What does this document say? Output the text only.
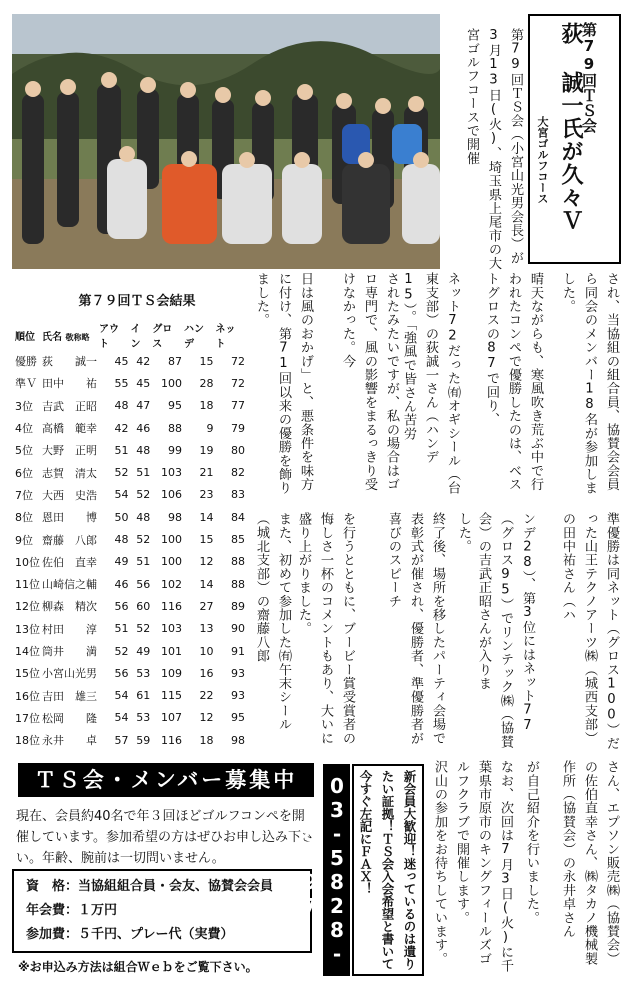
第79回ＴＳ会
荻 誠一氏が久々Ｖ
大宮ゴルフコース
第79回ＴＳ会（小宮山光男会長）が3月13日(火)、埼玉県上尾市の大宮ゴルフコースで開催
され、当協組の組合員、協賛会会員ら同会のメンバー18名が参加しました。
晴天ながらも、寒風吹き荒ぶ中で行われたコンペで優勝したのは、ベストグロスの87で回り、
ネット72だった㈲オギシール（台東支部）の荻誠一さん（ハンデ15）。「強風で皆さん苦労
されたみたいですが、私の場合はゴロ専門で、風の影響をまるっきり受けなかった。今
日は風のおかげ」と、悪条件を味方に付け、第71回以来の優勝を飾りました。
準優勝は同ネット（グロス100）だった山王テクノアーツ㈱（城西支部）の田中祐さん（ハ
ンデ28）、第3位にはネット77（グロス95）でリンテック㈱（協賛会）の吉武正昭さんが入りま
した。
終了後、場所を移したパーティ会場で表彰式が催され、優勝者、準優勝者が喜びのスピーチ
を行うとともに、ブービー賞受賞者の悔しさ一杯のコメントもあり、大いに盛り上がりました。
また、初めて参加した㈲午末シール（城北支部）の齋藤八郎
さん、エプソン販売㈱（協賛会）の佐伯直幸さん、㈱タカノ機械製作所（協賛会）の永井卓さん
が自己紹介を行いました。
なお、次回は7月3日(火)に千葉県市原市のキングフィールズゴルフクラブで開催します。
沢山の参加をお待ちしています。
第７９回ＴＳ会結果
順位	氏名 敬称略	アウト	イン	グロス	ハンデ	ネット
優勝	荻　　誠一	45	42	87	15	72
準Ｖ	田中　　祐	55	45	100	28	72
3位	吉武　正昭	48	47	95	18	77
4位	高橋　範幸	42	46	88	9	79
5位	大野　正明	51	48	99	19	80
6位	志賀　清太	52	51	103	21	82
7位	大西　史浩	54	52	106	23	83
8位	恩田　　博	50	48	98	14	84
9位	齋藤　八郎	48	52	100	15	85
10位	佐伯　直幸	49	51	100	12	88
11位	山崎信之輔	46	56	102	14	88
12位	柳森　精次	56	60	116	27	89
13位	村田　　淳	51	52	103	13	90
14位	筒井　　満	52	49	101	10	91
15位	小宮山光男	56	53	109	16	93
16位	吉田　雄三	54	61	115	22	93
17位	松岡　　隆	54	53	107	12	95
18位	永井　　卓	57	59	116	18	98
ＴＳ会・メンバー募集中
現在、会員約40名で年３回ほどゴルフコンペを開催しています。参加希望の方はぜひお申し込み下さい。年齢、腕前は一切問いません。
資　格：当協組組合員・会友、協賛会会員
年会費：１万円
参加費：５千円、プレー代（実費）
※お申込み方法は組合Ｗｅｂをご覧下さい。
03-5828-8797	新会員大歓迎！迷っているのは遺りたい証拠！ＴＳ会入会希望と書いて今すぐ左記にＦＡＸ！
